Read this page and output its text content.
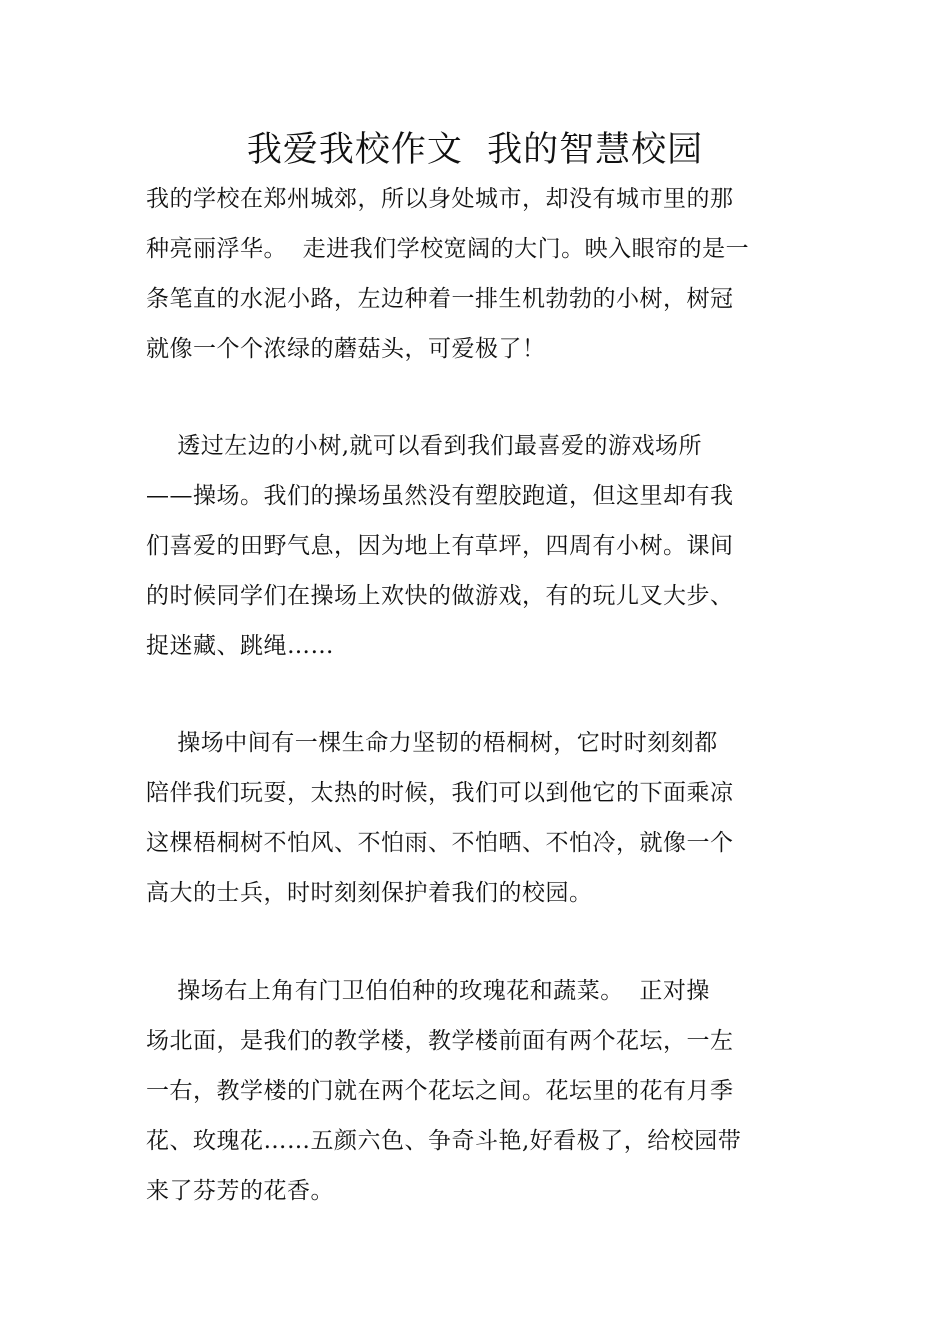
我爱我校作文  我的智慧校园
我的学校在郑州城郊，所以身处城市，却没有城市里的那
种亮丽浮华。  走进我们学校宽阔的大门。映入眼帘的是一
条笔直的水泥小路，左边种着一排生机勃勃的小树，树冠
就像一个个浓绿的蘑菇头，可爱极了！
透过左边的小树,就可以看到我们最喜爱的游戏场所
——操场。我们的操场虽然没有塑胶跑道，但这里却有我
们喜爱的田野气息，因为地上有草坪，四周有小树。课间
的时候同学们在操场上欢快的做游戏，有的玩儿叉大步、
捉迷藏、跳绳……
操场中间有一棵生命力坚韧的梧桐树，它时时刻刻都
陪伴我们玩耍，太热的时候，我们可以到他它的下面乘凉
这棵梧桐树不怕风、不怕雨、不怕晒、不怕冷，就像一个
高大的士兵，时时刻刻保护着我们的校园。
操场右上角有门卫伯伯种的玫瑰花和蔬菜。  正对操
场北面，是我们的教学楼，教学楼前面有两个花坛，一左
一右，教学楼的门就在两个花坛之间。花坛里的花有月季
花、玫瑰花……五颜六色、争奇斗艳,好看极了，给校园带
来了芬芳的花香。
